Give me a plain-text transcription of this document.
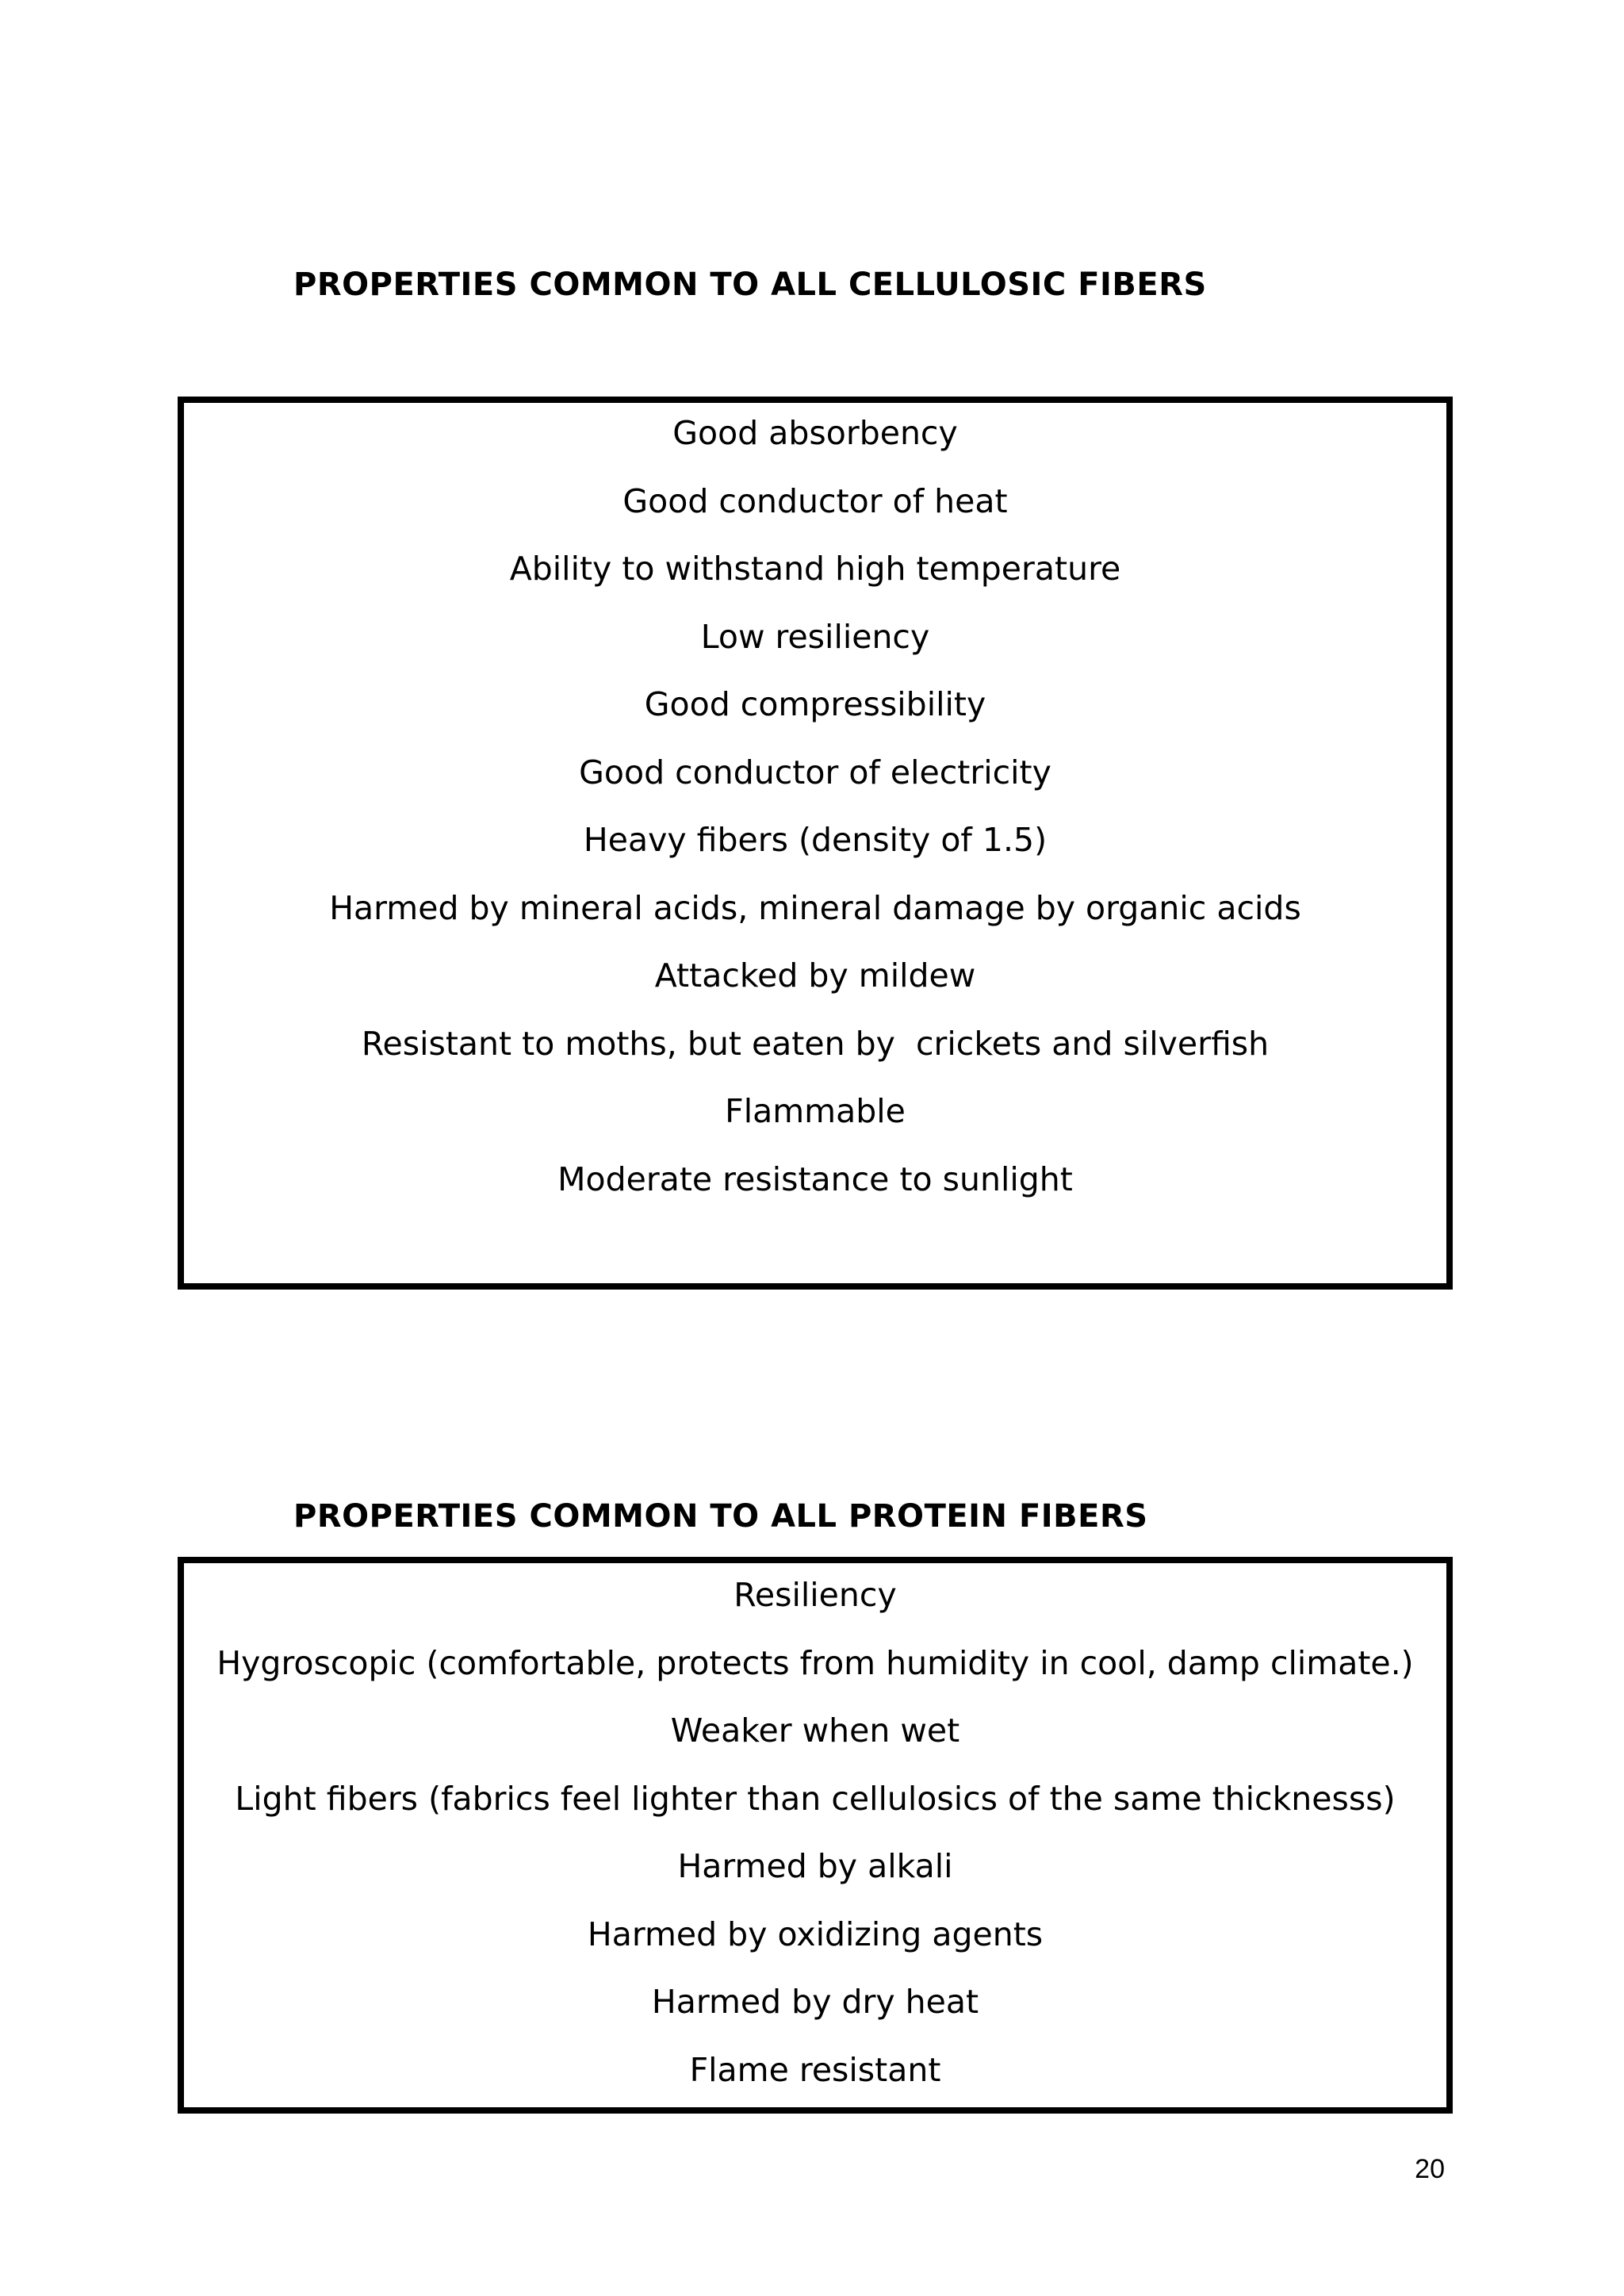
PROPERTIES COMMON TO ALL CELLULOSIC FIBERS
Good absorbency
Good conductor of heat
Ability to withstand high temperature
Low resiliency
Good compressibility
Good conductor of electricity
Heavy fibers (density of 1.5)
Harmed by mineral acids, mineral damage by organic acids
Attacked by mildew
Resistant to moths, but eaten by  crickets and silverfish
Flammable
Moderate resistance to sunlight
PROPERTIES COMMON TO ALL PROTEIN FIBERS
Resiliency
Hygroscopic (comfortable, protects from humidity in cool, damp climate.)
Weaker when wet
Light fibers (fabrics feel lighter than cellulosics of the same thicknesss)
Harmed by alkali
Harmed by oxidizing agents
Harmed by dry heat
Flame resistant
20
